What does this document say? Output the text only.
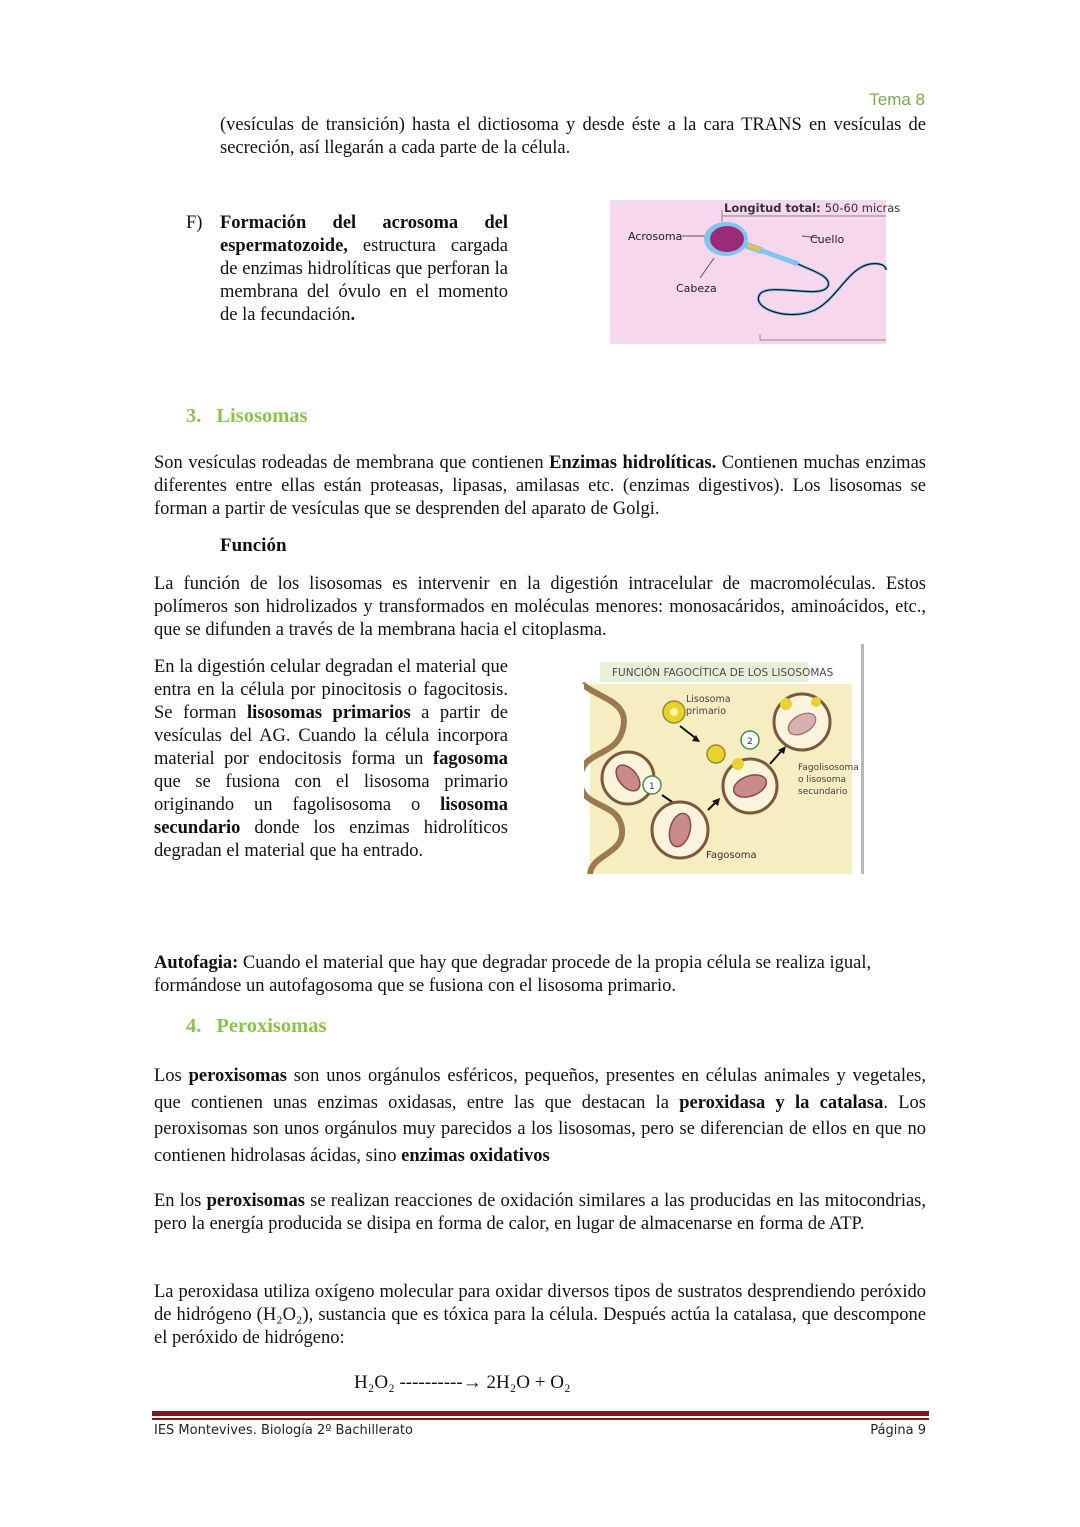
Tema 8
(vesículas de transición) hasta el dictiosoma y desde éste a la cara TRANS en vesículas de secreción, así llegarán a cada parte de la célula.
F) Formación del acrosoma del espermatozoide, estructura cargada de enzimas hidrolíticas que perforan la membrana del óvulo en el momento de la fecundación.
Longitud total: 50-60 micras
Acrosoma	Cuello
Cabeza
3. Lisosomas
Son vesículas rodeadas de membrana que contienen Enzimas hidrolíticas. Contienen muchas enzimas diferentes entre ellas están proteasas, lipasas, amilasas etc. (enzimas digestivos). Los lisosomas se forman a partir de vesículas que se desprenden del aparato de Golgi.
Función
La función de los lisosomas es intervenir en la digestión intracelular de macromoléculas. Estos polímeros son hidrolizados y transformados en moléculas menores: monosacáridos, aminoácidos, etc., que se difunden a través de la membrana hacia el citoplasma.
En la digestión celular degradan el material que entra en la célula por pinocitosis o fagocitosis. Se forman lisosomas primarios a partir de vesículas del AG. Cuando la célula incorpora material por endocitosis forma un fagosoma que se fusiona con el lisosoma primario originando un fagolisosoma o lisosoma secundario donde los enzimas hidrolíticos degradan el material que ha entrado.
FUNCIÓN FAGOCÍTICA DE LOS LISOSOMAS
1
Fagosoma
Lisosoma
primario
2
Fagolisosoma
o lisosoma
secundario
Autofagia: Cuando el material que hay que degradar procede de la propia célula se realiza igual, formándose un autofagosoma que se fusiona con el lisosoma primario.
4. Peroxisomas
Los peroxisomas son unos orgánulos esféricos, pequeños, presentes en células animales y vegetales, que contienen unas enzimas oxidasas, entre las que destacan la peroxidasa y la catalasa. Los peroxisomas son unos orgánulos muy parecidos a los lisosomas, pero se diferencian de ellos en que no contienen hidrolasas ácidas, sino enzimas oxidativos
En los peroxisomas se realizan reacciones de oxidación similares a las producidas en las mitocondrias, pero la energía producida se disipa en forma de calor, en lugar de almacenarse en forma de ATP.
La peroxidasa utiliza oxígeno molecular para oxidar diversos tipos de sustratos desprendiendo peróxido de hidrógeno (H₂O₂), sustancia que es tóxica para la célula. Después actúa la catalasa, que descompone el peróxido de hidrógeno:
H₂O₂ ----------→ 2H₂O + O₂
IES Montevives. Biología 2º Bachillerato	Página 9
